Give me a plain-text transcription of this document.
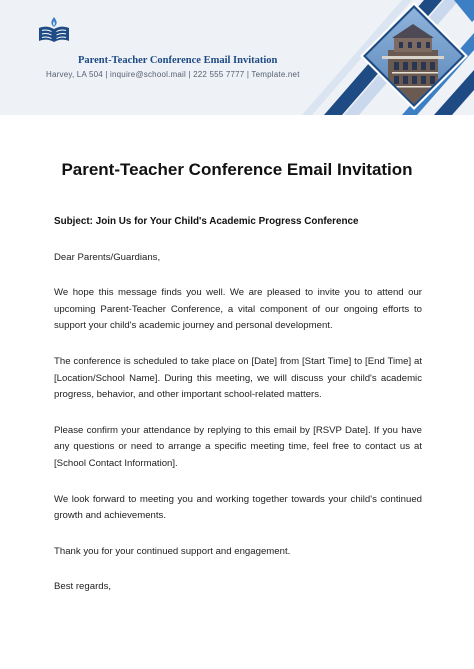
Parent-Teacher Conference Email Invitation
Harvey, LA 504 | inquire@school.mail | 222 555 7777 | Template.net
Parent-Teacher Conference Email Invitation
Subject: Join Us for Your Child's Academic Progress Conference
Dear Parents/Guardians,
We hope this message finds you well. We are pleased to invite you to attend our upcoming Parent-Teacher Conference, a vital component of our ongoing efforts to support your child's academic journey and personal development.
The conference is scheduled to take place on [Date] from [Start Time] to [End Time] at [Location/School Name]. During this meeting, we will discuss your child's academic progress, behavior, and other important school-related matters.
Please confirm your attendance by replying to this email by [RSVP Date]. If you have any questions or need to arrange a specific meeting time, feel free to contact us at [School Contact Information].
We look forward to meeting you and working together towards your child's continued growth and achievements.
Thank you for your continued support and engagement.
Best regards,
